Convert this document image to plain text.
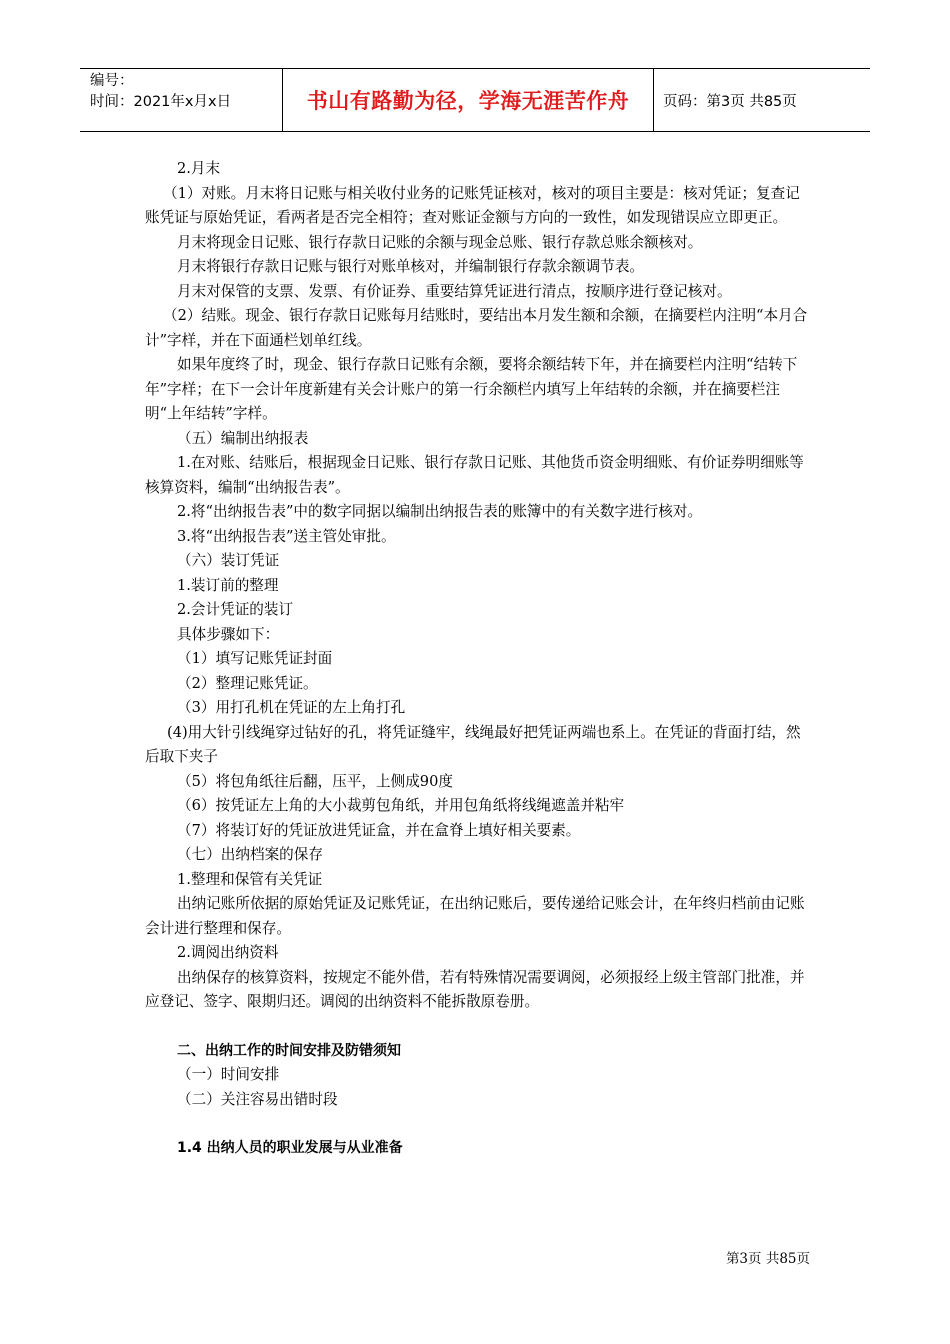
编号：
时间：2021年x月x日	书山有路勤为径，学海无涯苦作舟	页码：第3页 共85页

2.月末

（1）对账。月末将日记账与相关收付业务的记账凭证核对，核对的项目主要是：核对凭证；复查记账凭证与原始凭证，看两者是否完全相符；查对账证金额与方向的一致性，如发现错误应立即更正。

月末将现金日记账、银行存款日记账的余额与现金总账、银行存款总账余额核对。

月末将银行存款日记账与银行对账单核对，并编制银行存款余额调节表。

月末对保管的支票、发票、有价证券、重要结算凭证进行清点，按顺序进行登记核对。

（2）结账。现金、银行存款日记账每月结账时，要结出本月发生额和余额，在摘要栏内注明“本月合计”字样，并在下面通栏划单红线。

如果年度终了时，现金、银行存款日记账有余额，要将余额结转下年，并在摘要栏内注明“结转下年”字样；在下一会计年度新建有关会计账户的第一行余额栏内填写上年结转的余额，并在摘要栏注明“上年结转”字样。

（五）编制出纳报表

1.在对账、结账后，根据现金日记账、银行存款日记账、其他货币资金明细账、有价证券明细账等核算资料，编制“出纳报告表”。

2.将“出纳报告表”中的数字同据以编制出纳报告表的账簿中的有关数字进行核对。

3.将“出纳报告表”送主管处审批。

（六）装订凭证

1.装订前的整理

2.会计凭证的装订

具体步骤如下：

（1）填写记账凭证封面

（2）整理记账凭证。

（3）用打孔机在凭证的左上角打孔

(4)用大针引线绳穿过钻好的孔，将凭证缝牢，线绳最好把凭证两端也系上。在凭证的背面打结，然后取下夹子

（5）将包角纸往后翻，压平，上侧成90度

（6）按凭证左上角的大小裁剪包角纸，并用包角纸将线绳遮盖并粘牢

（7）将装订好的凭证放进凭证盒，并在盒脊上填好相关要素。

（七）出纳档案的保存

1.整理和保管有关凭证

出纳记账所依据的原始凭证及记账凭证，在出纳记账后，要传递给记账会计，在年终归档前由记账会计进行整理和保存。

2.调阅出纳资料

出纳保存的核算资料，按规定不能外借，若有特殊情况需要调阅，必须报经上级主管部门批准，并应登记、签字、限期归还。调阅的出纳资料不能拆散原卷册。

二、出纳工作的时间安排及防错须知

（一）时间安排

（二）关注容易出错时段

1.4 出纳人员的职业发展与从业准备

第3页 共85页
